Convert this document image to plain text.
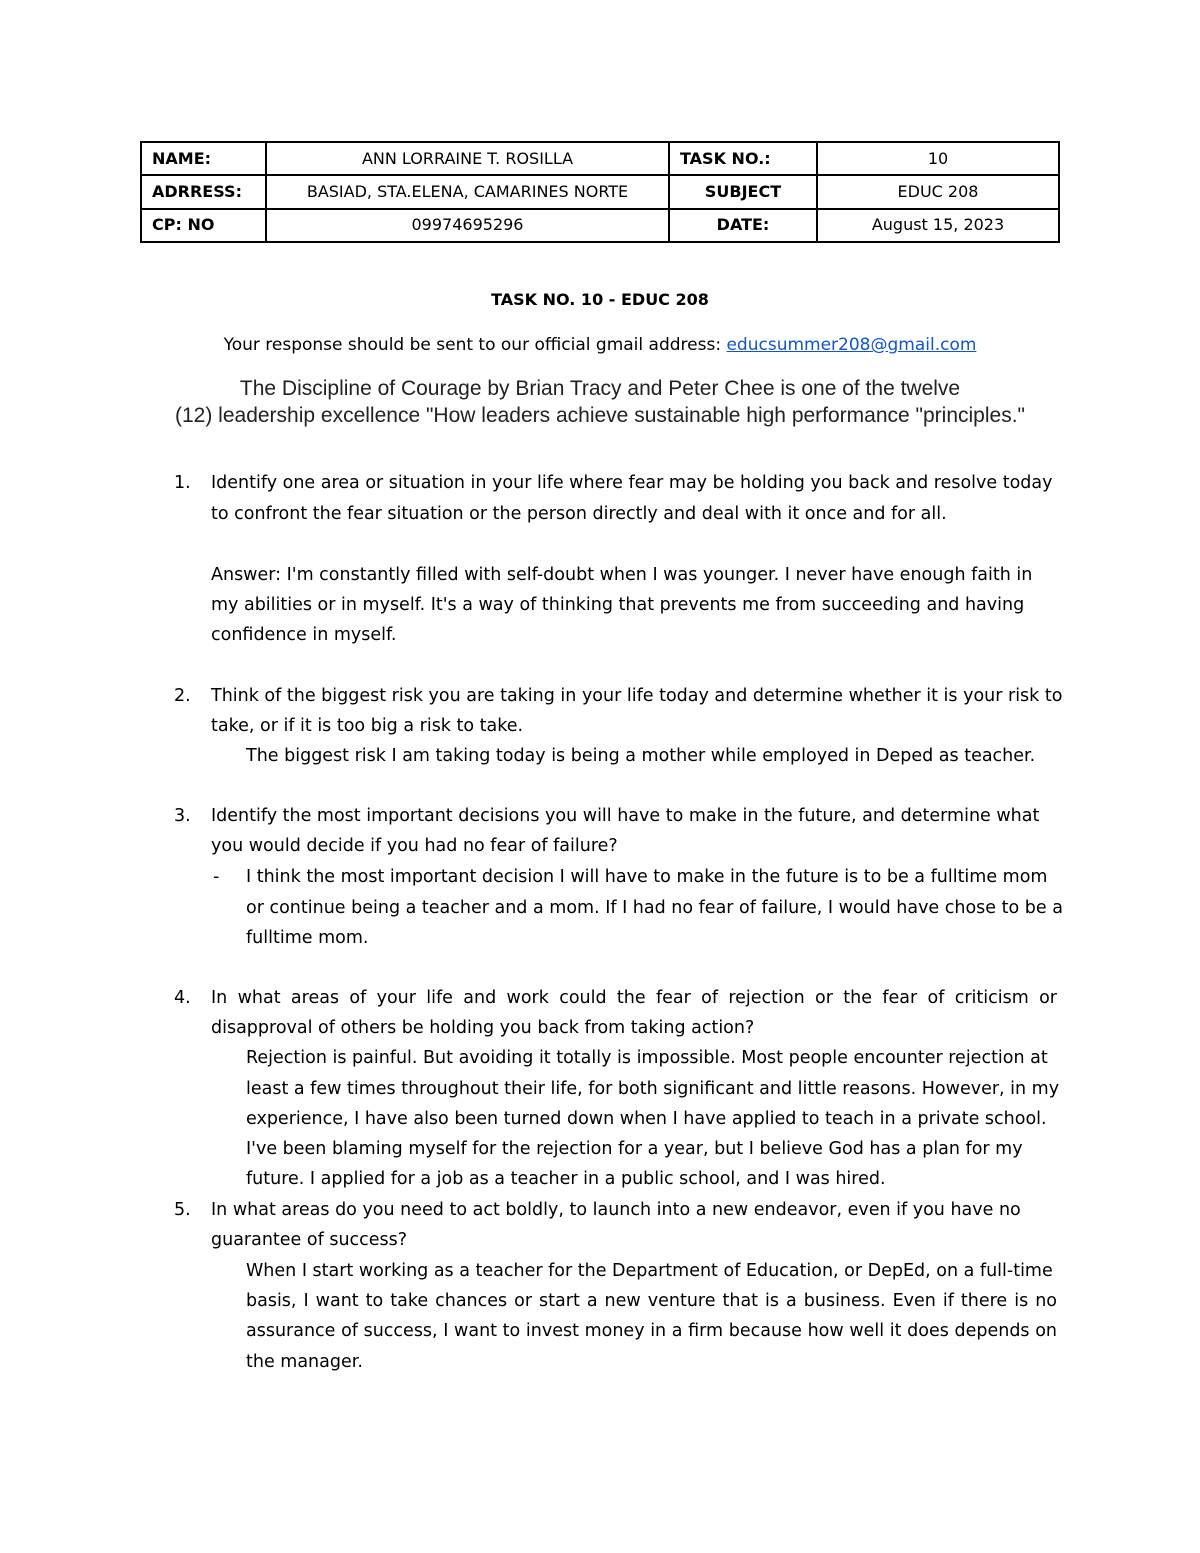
NAME:	ANN LORRAINE T. ROSILLA	TASK NO.:	10
ADRRESS:	BASIAD, STA.ELENA, CAMARINES NORTE	SUBJECT	EDUC 208
CP: NO	09974695296	DATE:	August 15, 2023
TASK NO. 10 - EDUC 208
Your response should be sent to our official gmail address: educsummer208@gmail.com
The Discipline of Courage by Brian Tracy and Peter Chee is one of the twelve
(12) leadership excellence "How leaders achieve sustainable high performance "principles."
1. Identify one area or situation in your life where fear may be holding you back and resolve today
to confront the fear situation or the person directly and deal with it once and for all.
Answer: I'm constantly filled with self-doubt when I was younger. I never have enough faith in
my abilities or in myself. It's a way of thinking that prevents me from succeeding and having
confidence in myself.
2. Think of the biggest risk you are taking in your life today and determine whether it is your risk to
take, or if it is too big a risk to take.
The biggest risk I am taking today is being a mother while employed in Deped as teacher.
3. Identify the most important decisions you will have to make in the future, and determine what
you would decide if you had no fear of failure?
- I think the most important decision I will have to make in the future is to be a fulltime mom
or continue being a teacher and a mom. If I had no fear of failure, I would have chose to be a
fulltime mom.
4. In what areas of your life and work could the fear of rejection or the fear of criticism or
disapproval of others be holding you back from taking action?
Rejection is painful. But avoiding it totally is impossible. Most people encounter rejection at
least a few times throughout their life, for both significant and little reasons. However, in my
experience, I have also been turned down when I have applied to teach in a private school.
I've been blaming myself for the rejection for a year, but I believe God has a plan for my
future. I applied for a job as a teacher in a public school, and I was hired.
5. In what areas do you need to act boldly, to launch into a new endeavor, even if you have no
guarantee of success?
When I start working as a teacher for the Department of Education, or DepEd, on a full-time
basis, I want to take chances or start a new venture that is a business. Even if there is no
assurance of success, I want to invest money in a firm because how well it does depends on
the manager.
